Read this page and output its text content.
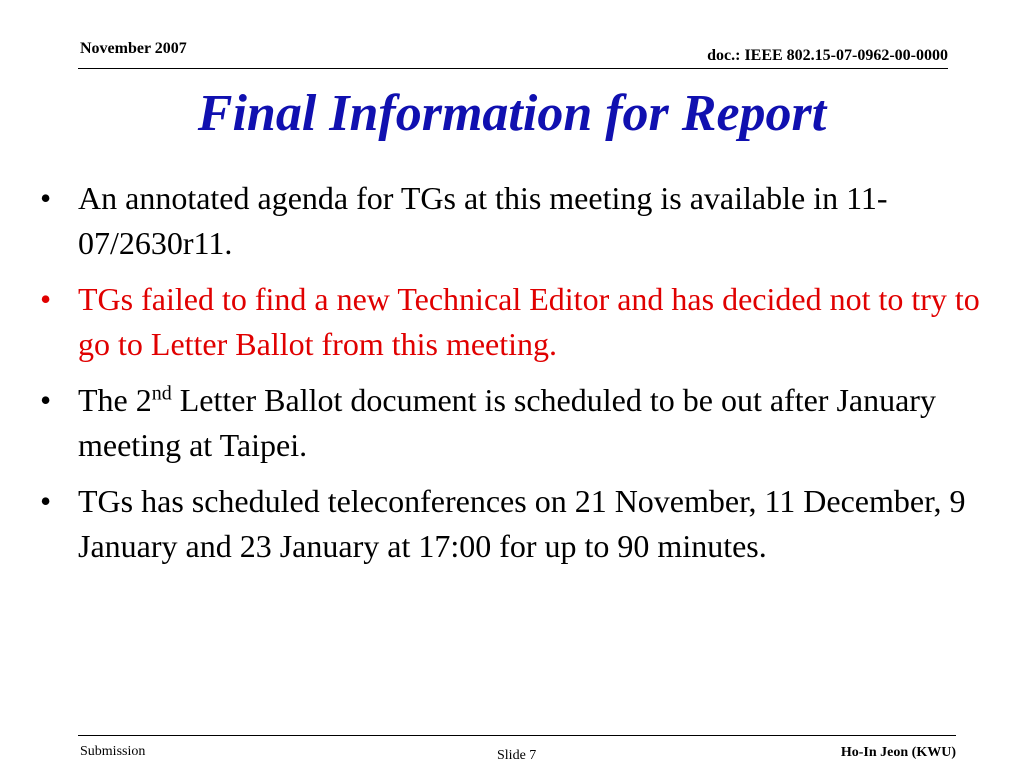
November 2007	doc.: IEEE 802.15-07-0962-00-0000
Final Information for Report
• An annotated agenda for TGs at this meeting is available in 11-07/2630r11.
• TGs failed to find a new Technical Editor and has decided not to try to go to Letter Ballot from this meeting.
• The 2nd Letter Ballot document is scheduled to be out after January meeting at Taipei.
• TGs has scheduled teleconferences on 21 November, 11 December, 9 January and 23 January at 17:00 for up to 90 minutes.
Submission	Slide 7	Ho-In Jeon (KWU)
